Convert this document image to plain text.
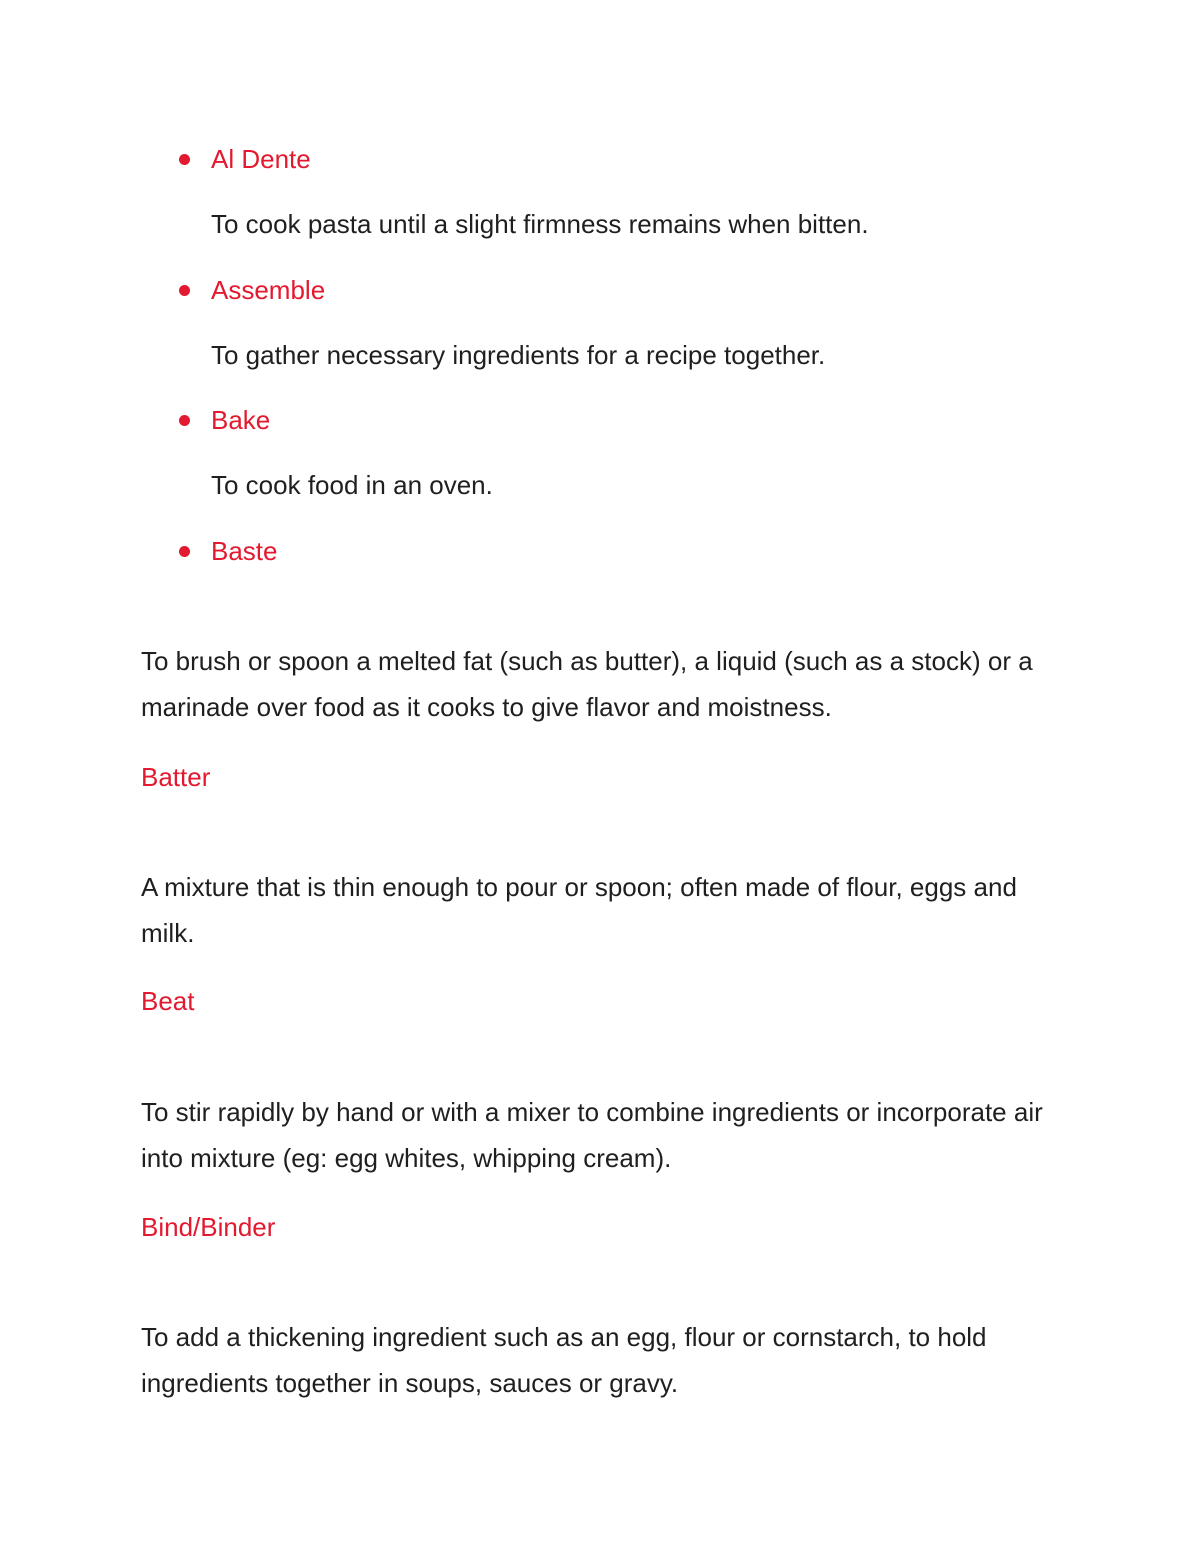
Al Dente
To cook pasta until a slight firmness remains when bitten.
Assemble
To gather necessary ingredients for a recipe together.
Bake
To cook food in an oven.
Baste
To brush or spoon a melted fat (such as butter), a liquid (such as a stock) or a marinade over food as it cooks to give flavor and moistness.
Batter
A mixture that is thin enough to pour or spoon; often made of flour, eggs and milk.
Beat
To stir rapidly by hand or with a mixer to combine ingredients or incorporate air into mixture (eg: egg whites, whipping cream).
Bind/Binder
To add a thickening ingredient such as an egg, flour or cornstarch, to hold ingredients together in soups, sauces or gravy.
